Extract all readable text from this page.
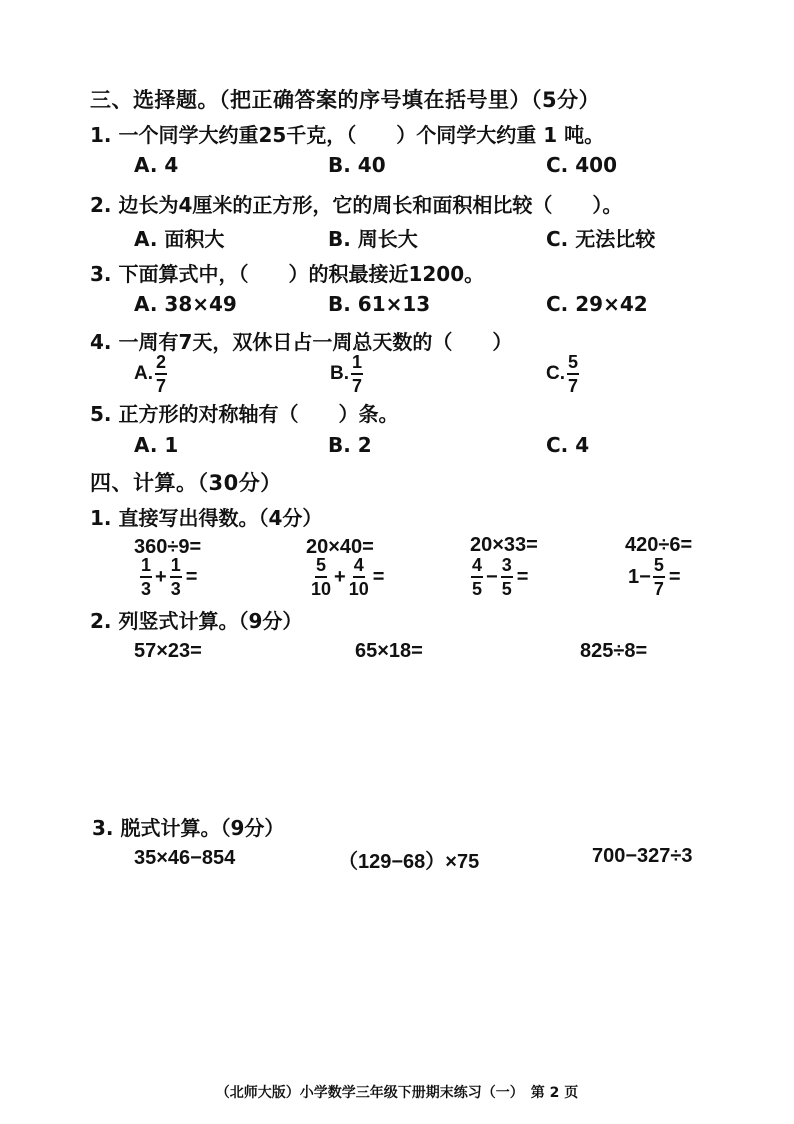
三、选择题。（把正确答案的序号填在括号里）（5分）
1. 一个同学大约重25千克，（　　）个同学大约重 1 吨。
A. 4	B. 40	C. 400
2. 边长为4厘米的正方形，它的周长和面积相比较（　　）。
A. 面积大	B. 周长大	C. 无法比较
3. 下面算式中，（　　）的积最接近1200。
A. 38×49	B. 61×13	C. 29×42
4. 一周有7天，双休日占一周总天数的（　　）
A. $\frac{2}{7}$	B. $\frac{1}{7}$	C. $\frac{5}{7}$
5. 正方形的对称轴有（　　）条。
A. 1	B. 2	C. 4
四、计算。（30分）
1. 直接写出得数。（4分）
360÷9=	20×40=	20×33=	420÷6=
$\frac{1}{3} + \frac{1}{3}$ =	$\frac{5}{10} + \frac{4}{10}$ =	$\frac{4}{5} - \frac{3}{5}$ =	$1- \frac{5}{7}$ =
2. 列竖式计算。（9分）
57×23=	65×18=	825÷8=
3. 脱式计算。（9分）
35×46−854	（129−68）×75	700−327÷3
（北师大版）小学数学三年级下册期末练习（一）　第 2 页
